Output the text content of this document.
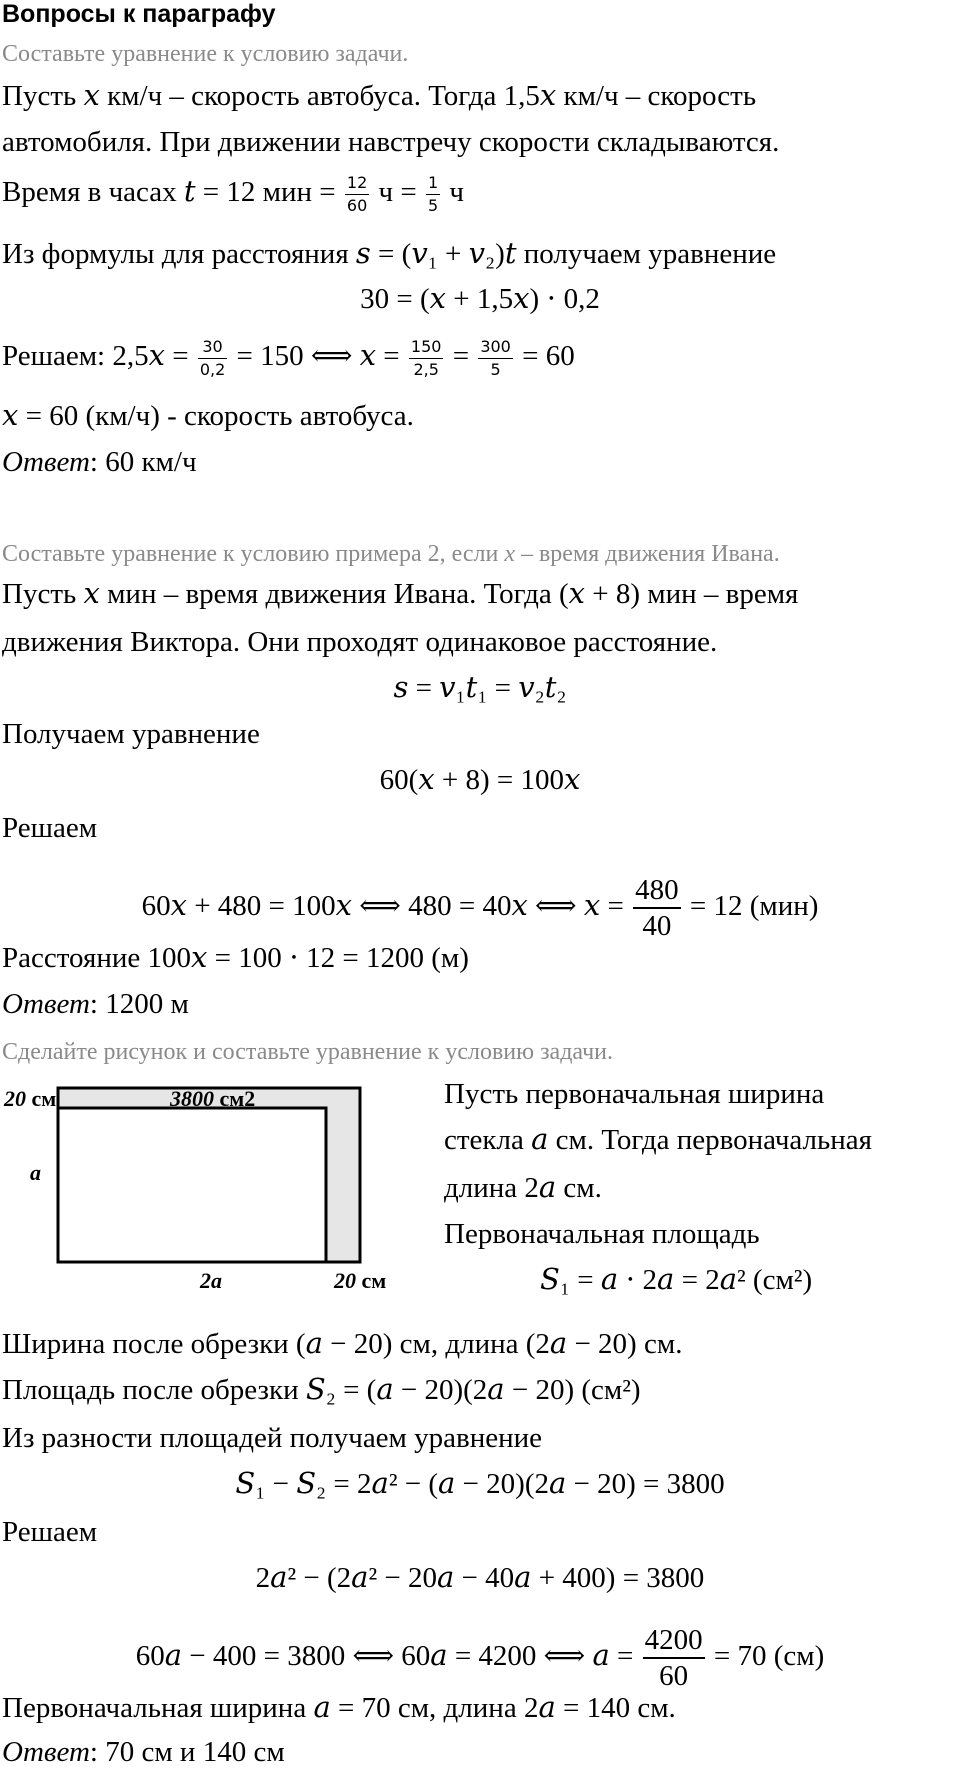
Вопросы к параграфу
Составьте уравнение к условию задачи.
Пусть 𝑥 км/ч – скорость автобуса. Тогда 1,5𝑥 км/ч – скорость
автомобиля. При движении навстречу скорости складываются.
Время в часах 𝑡 = 12 мин = $\frac{12}{60}$ $ч = \frac{1}{5}$ ч
Из формулы для расстояния 𝑠 = (𝑣₁ + 𝑣₂)𝑡 получаем уравнение
30 = (𝑥 + 1,5𝑥) ⋅ 0,2
Решаем: 2,5𝑥 = $\frac{30}{0,2} = 150$ ⟺ 𝑥 = $\frac{150}{2,5} = \frac{300}{5} = 60$
𝑥 = 60 (км/ч) - скорость автобуса.
Ответ: 60 км/ч
Составьте уравнение к условию примера 2, если x – время движения Ивана.
Пусть 𝑥 мин – время движения Ивана. Тогда (𝑥 + 8) мин – время
движения Виктора. Они проходят одинаковое расстояние.
𝑠 = 𝑣₁𝑡₁ = 𝑣₂𝑡₂
Получаем уравнение
60(𝑥 + 8) = 100𝑥
Решаем
60𝑥 + 480 = 100𝑥 ⟺ 480 = 40𝑥 ⟺ 𝑥 = $\frac{480}{40} = 12$ (мин)
Расстояние 100𝑥 = 100 ⋅ 12 = 1200 (м)
Ответ: 1200 м
Сделайте рисунок и составьте уравнение к условию задачи.
20 см	3800 см2
a
2a	20 см
Пусть первоначальная ширина
стекла 𝑎 см. Тогда первоначальная
длина 2𝑎 см.
Первоначальная площадь
𝑆₁ = 𝑎 ⋅ 2𝑎 = 2𝑎² (см²)
Ширина после обрезки (𝑎 − 20) см, длина (2𝑎 − 20) см.
Площадь после обрезки 𝑆₂ = (𝑎 − 20)(2𝑎 − 20) (см²)
Из разности площадей получаем уравнение
𝑆₁ − 𝑆₂ = 2𝑎² − (𝑎 − 20)(2𝑎 − 20) = 3800
Решаем
2𝑎² − (2𝑎² − 20𝑎 − 40𝑎 + 400) = 3800
60𝑎 − 400 = 3800 ⟺ 60𝑎 = 4200 ⟺ 𝑎 = $\frac{4200}{60} = 70$ (см)
Первоначальная ширина 𝑎 = 70 см, длина 2𝑎 = 140 см.
Ответ: 70 см и 140 см
